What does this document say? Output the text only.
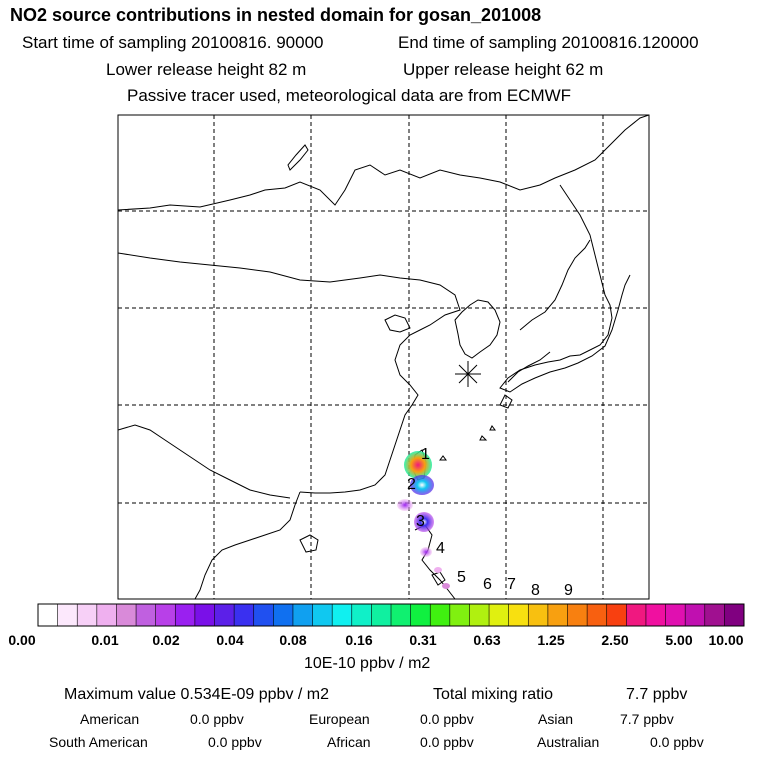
NO2 source contributions in nested domain for gosan_201008
Start time of sampling 20100816. 90000	End time of sampling 20100816.120000
Lower release height 82 m	Upper release height 62 m
Passive tracer used, meteorological data are from ECMWF
1
2
3
4
5 6 7 8 9
0.00	0.01 0.02	0.04	0.08	0.16	0.31	0.63	1.25	2.50	5.00 10.00
10E-10 ppbv / m2
Maximum value 0.534E-09 ppbv / m2	Total mixing ratio	7.7 ppbv
American	0.0 ppbv	European	0.0 ppbv	Asian	7.7 ppbv
South American	0.0 ppbv	African	0.0 ppbv	Australian	0.0 ppbv
